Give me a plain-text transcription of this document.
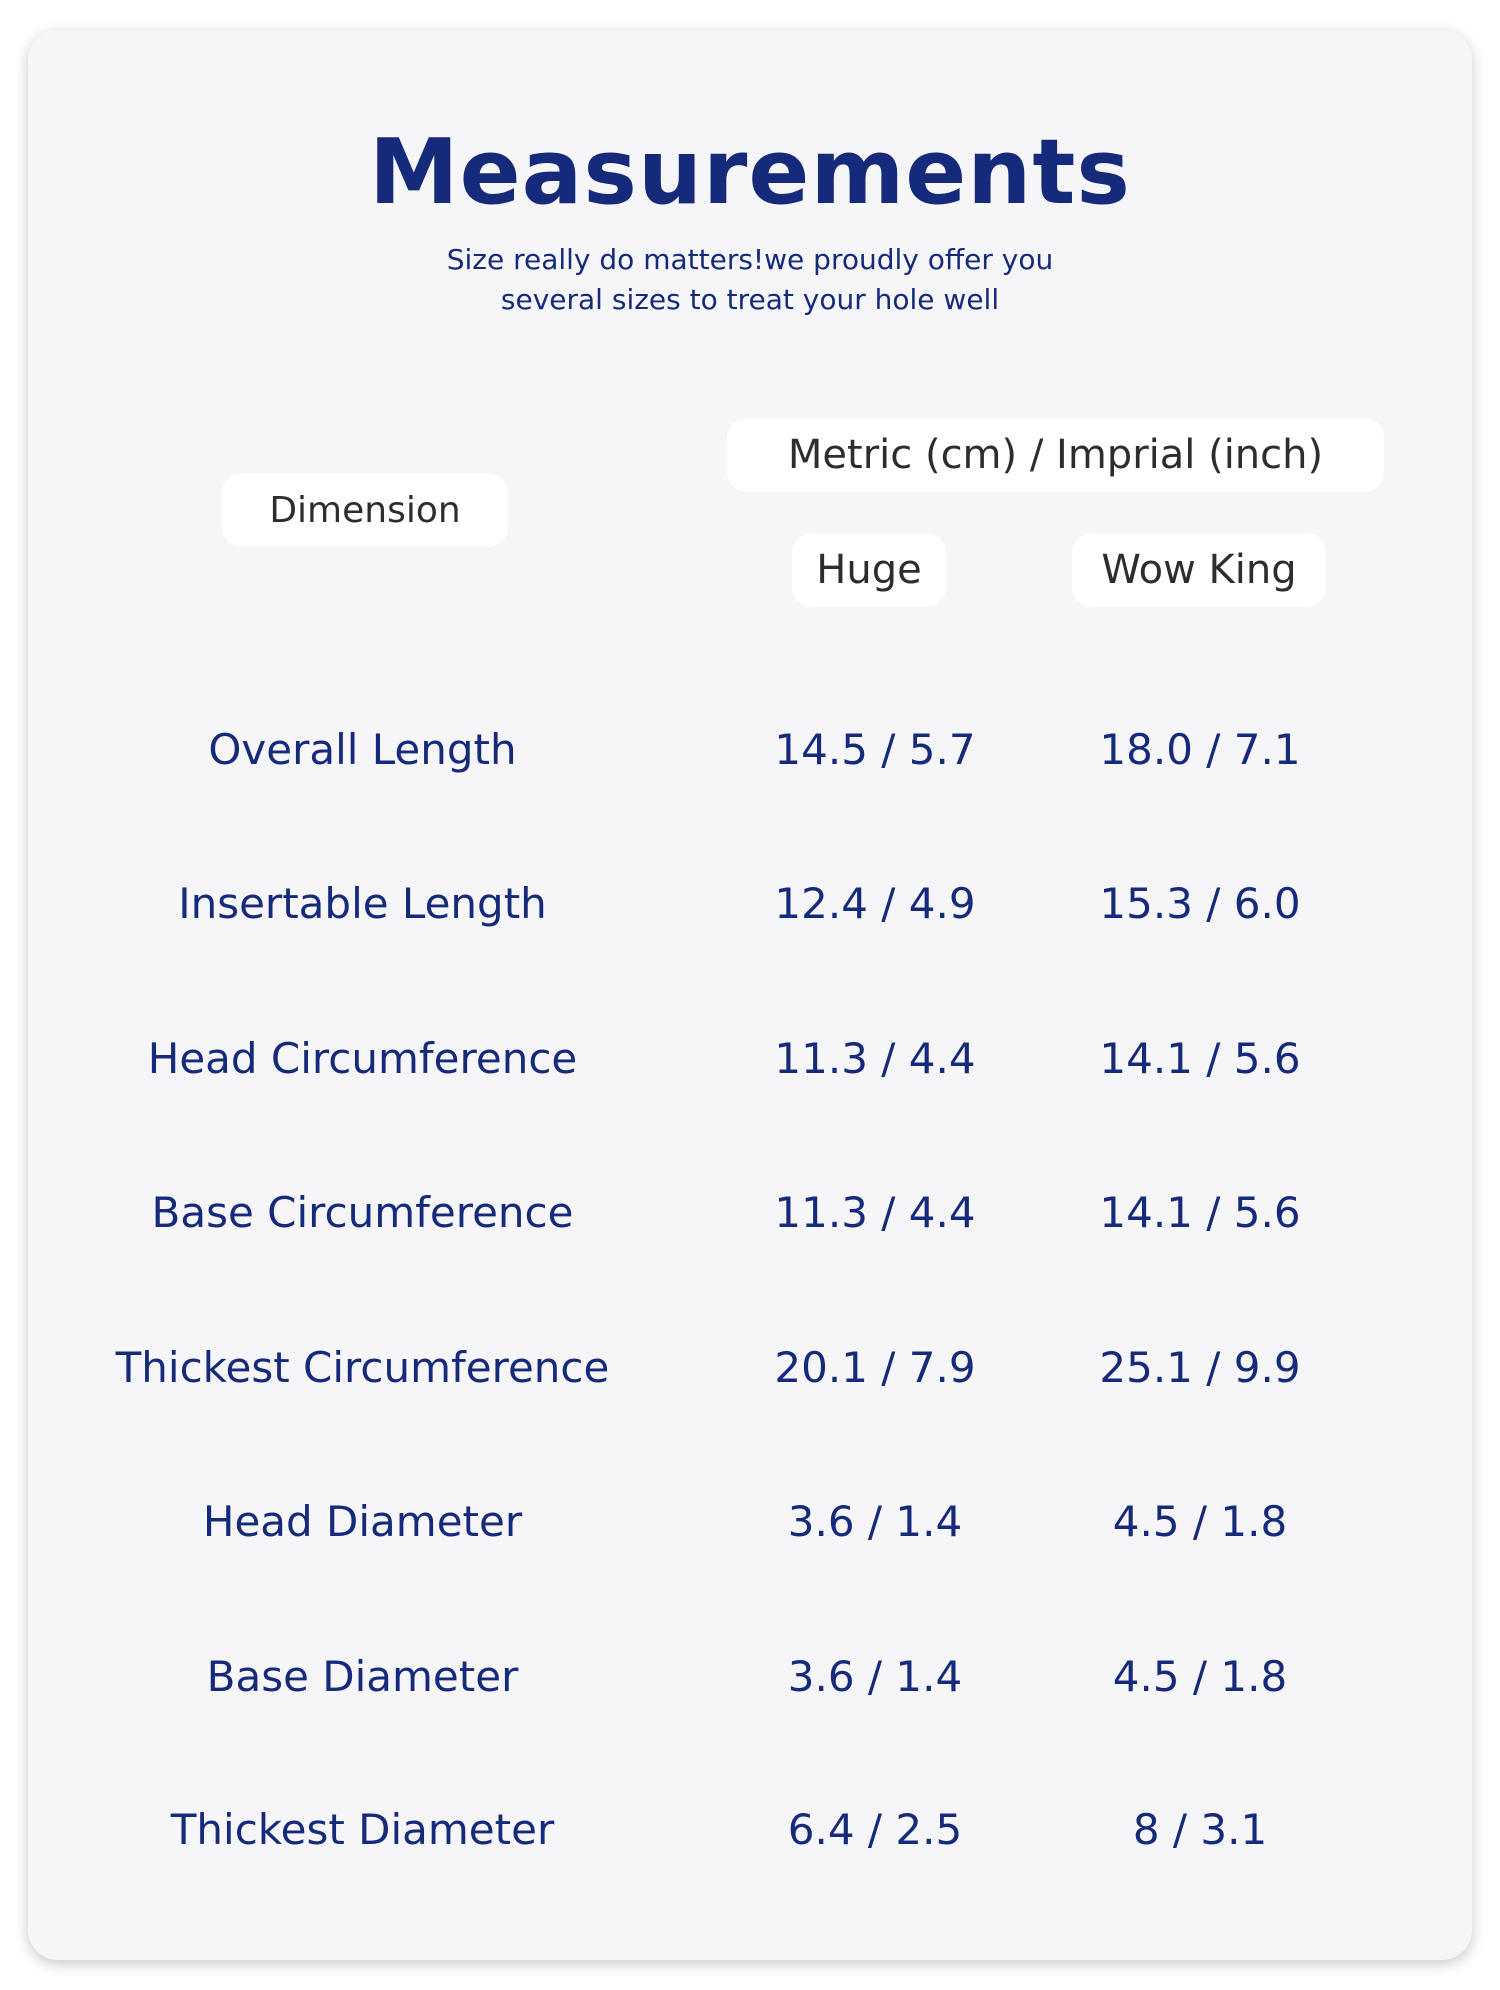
Measurements
Size really do matters!we proudly offer you
several sizes to treat your hole well
Dimension
Metric (cm) / Imprial (inch)
Huge	Wow King
Overall Length	14.5 / 5.7	18.0 / 7.1
Insertable Length	12.4 / 4.9	15.3 / 6.0
Head Circumference	11.3 / 4.4	14.1 / 5.6
Base Circumference	11.3 / 4.4	14.1 / 5.6
Thickest Circumference	20.1 / 7.9	25.1 / 9.9
Head Diameter	3.6 / 1.4	4.5 / 1.8
Base Diameter	3.6 / 1.4	4.5 / 1.8
Thickest Diameter	6.4 / 2.5	8 / 3.1
